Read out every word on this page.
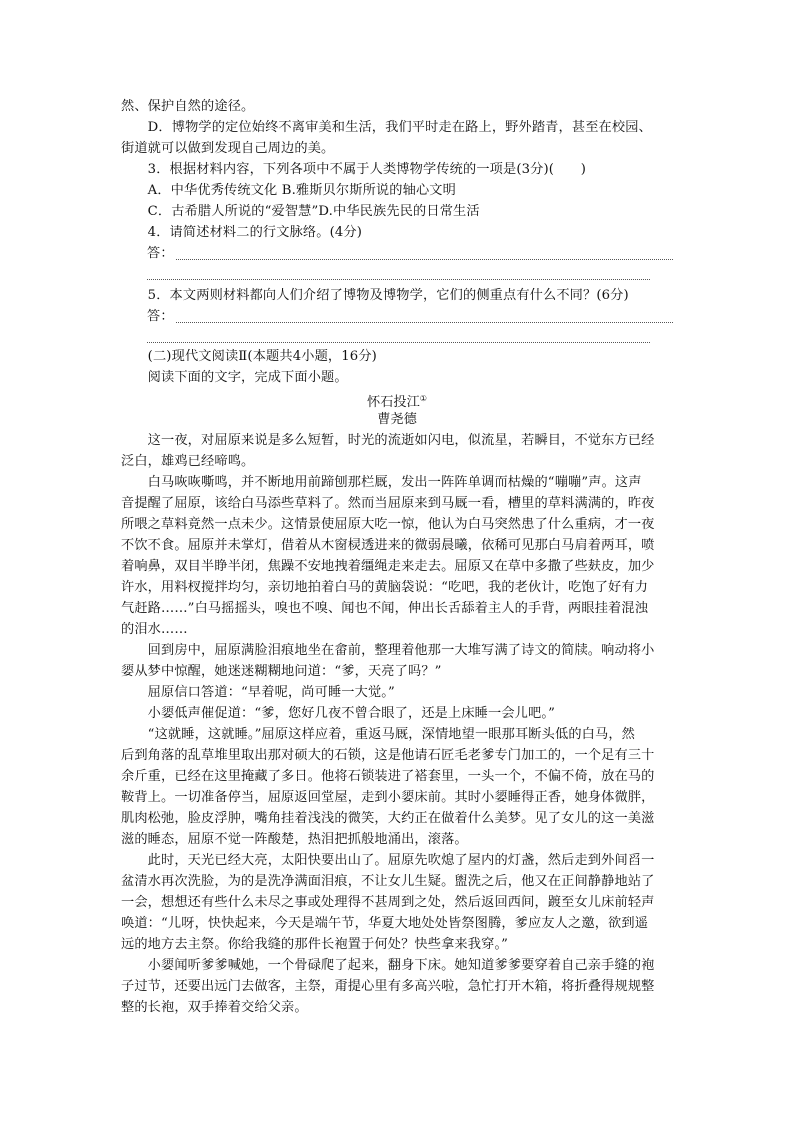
然、保护自然的途径。
　　D．博物学的定位始终不离审美和生活，我们平时走在路上，野外踏青，甚至在校园、
街道就可以做到发现自己周边的美。
　　3．根据材料内容，下列各项中不属于人类博物学传统的一项是(3分)(　　)
　　A．中华优秀传统文化 B.雅斯贝尔斯所说的轴心文明
　　C．古希腊人所说的“爱智慧”D.中华民族先民的日常生活
　　4．请简述材料二的行文脉络。(4分)
答：
　　5．本文两则材料都向人们介绍了博物及博物学，它们的侧重点有什么不同？(6分)
答：
　　(二)现代文阅读Ⅱ(本题共4小题，16分)
　　阅读下面的文字，完成下面小题。
怀石投江①
曹尧德
　　这一夜，对屈原来说是多么短暂，时光的流逝如闪电，似流星，若瞬目，不觉东方已经
泛白，雄鸡已经啼鸣。
　　白马咴咴嘶鸣，并不断地用前蹄刨那栏厩，发出一阵阵单调而枯燥的“嘣嘣”声。这声
音提醒了屈原，该给白马添些草料了。然而当屈原来到马厩一看，槽里的草料满满的，昨夜
所喂之草料竟然一点未少。这情景使屈原大吃一惊，他认为白马突然患了什么重病，才一夜
不饮不食。屈原并未掌灯，借着从木窗棂透进来的微弱晨曦，依稀可见那白马肩着两耳，喷
着响鼻，双目半睁半闭，焦躁不安地拽着缰绳走来走去。屈原又在草中多撒了些麸皮，加少
许水，用料杈搅拌均匀，亲切地拍着白马的黄脑袋说：“吃吧，我的老伙计，吃饱了好有力
气赶路……”白马摇摇头，嗅也不嗅、闻也不闻，伸出长舌舔着主人的手背，两眼挂着混浊
的泪水……
　　回到房中，屈原满脸泪痕地坐在畲前，整理着他那一大堆写满了诗文的简牍。响动将小
媭从梦中惊醒，她迷迷糊糊地问道：“爹，天亮了吗？”
　　屈原信口答道：“早着呢，尚可睡一大觉。”
　　小媭低声催促道：“爹，您好几夜不曾合眼了，还是上床睡一会儿吧。”
　　“这就睡，这就睡。”屈原这样应着，重返马厩，深情地望一眼那耳断头低的白马，然
后到角落的乱草堆里取出那对硕大的石锁，这是他请石匠毛老爹专门加工的，一个足有三十
余斤重，已经在这里掩藏了多日。他将石锁装进了褡套里，一头一个，不偏不倚，放在马的
鞍背上。一切准备停当，屈原返回堂屋，走到小媭床前。其时小媭睡得正香，她身体微胖，
肌肉松弛，脸皮浮肿，嘴角挂着浅浅的微笑，大约正在做着什么美梦。见了女儿的这一美滋
滋的睡态，屈原不觉一阵酸楚，热泪把抓般地涌出，滚落。
　　此时，天光已经大亮，太阳快要出山了。屈原先吹熄了屋内的灯盏，然后走到外间舀一
盆清水再次洗脸，为的是洗净满面泪痕，不让女儿生疑。盥洗之后，他又在正间静静地站了
一会，想想还有些什么未尽之事或处理得不甚周到之处，然后返回西间，踱至女儿床前轻声
唤道：“儿呀，快快起来，今天是端午节，华夏大地处处皆祭图腾，爹应友人之邀，欲到遥
远的地方去主祭。你给我缝的那件长袍置于何处？快些拿来我穿。”
　　小媭闻听爹爹喊她，一个骨碌爬了起来，翻身下床。她知道爹爹要穿着自己亲手缝的袍
子过节，还要出远门去做客，主祭，甭提心里有多高兴啦，急忙打开木箱，将折叠得规规整
整的长袍，双手捧着交给父亲。
